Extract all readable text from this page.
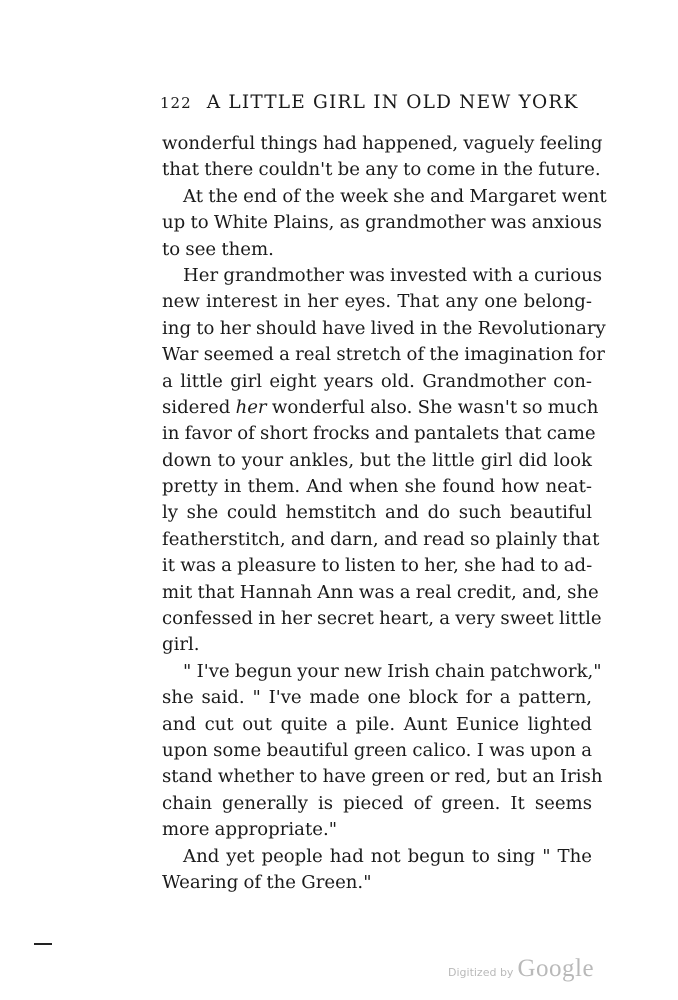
122 A LITTLE GIRL IN OLD NEW YORK
wonderful things had happened, vaguely feeling
that there couldn't be any to come in the future.
At the end of the week she and Margaret went
up to White Plains, as grandmother was anxious
to see them.
Her grandmother was invested with a curious
new interest in her eyes. That any one belong-
ing to her should have lived in the Revolutionary
War seemed a real stretch of the imagination for
a little girl eight years old. Grandmother con-
sidered her wonderful also. She wasn't so much
in favor of short frocks and pantalets that came
down to your ankles, but the little girl did look
pretty in them. And when she found how neat-
ly she could hemstitch and do such beautiful
featherstitch, and darn, and read so plainly that
it was a pleasure to listen to her, she had to ad-
mit that Hannah Ann was a real credit, and, she
confessed in her secret heart, a very sweet little
girl.
" I've begun your new Irish chain patchwork,"
she said. " I've made one block for a pattern,
and cut out quite a pile. Aunt Eunice lighted
upon some beautiful green calico. I was upon a
stand whether to have green or red, but an Irish
chain generally is pieced of green. It seems
more appropriate."
And yet people had not begun to sing " The
Wearing of the Green."
Digitized by Google
